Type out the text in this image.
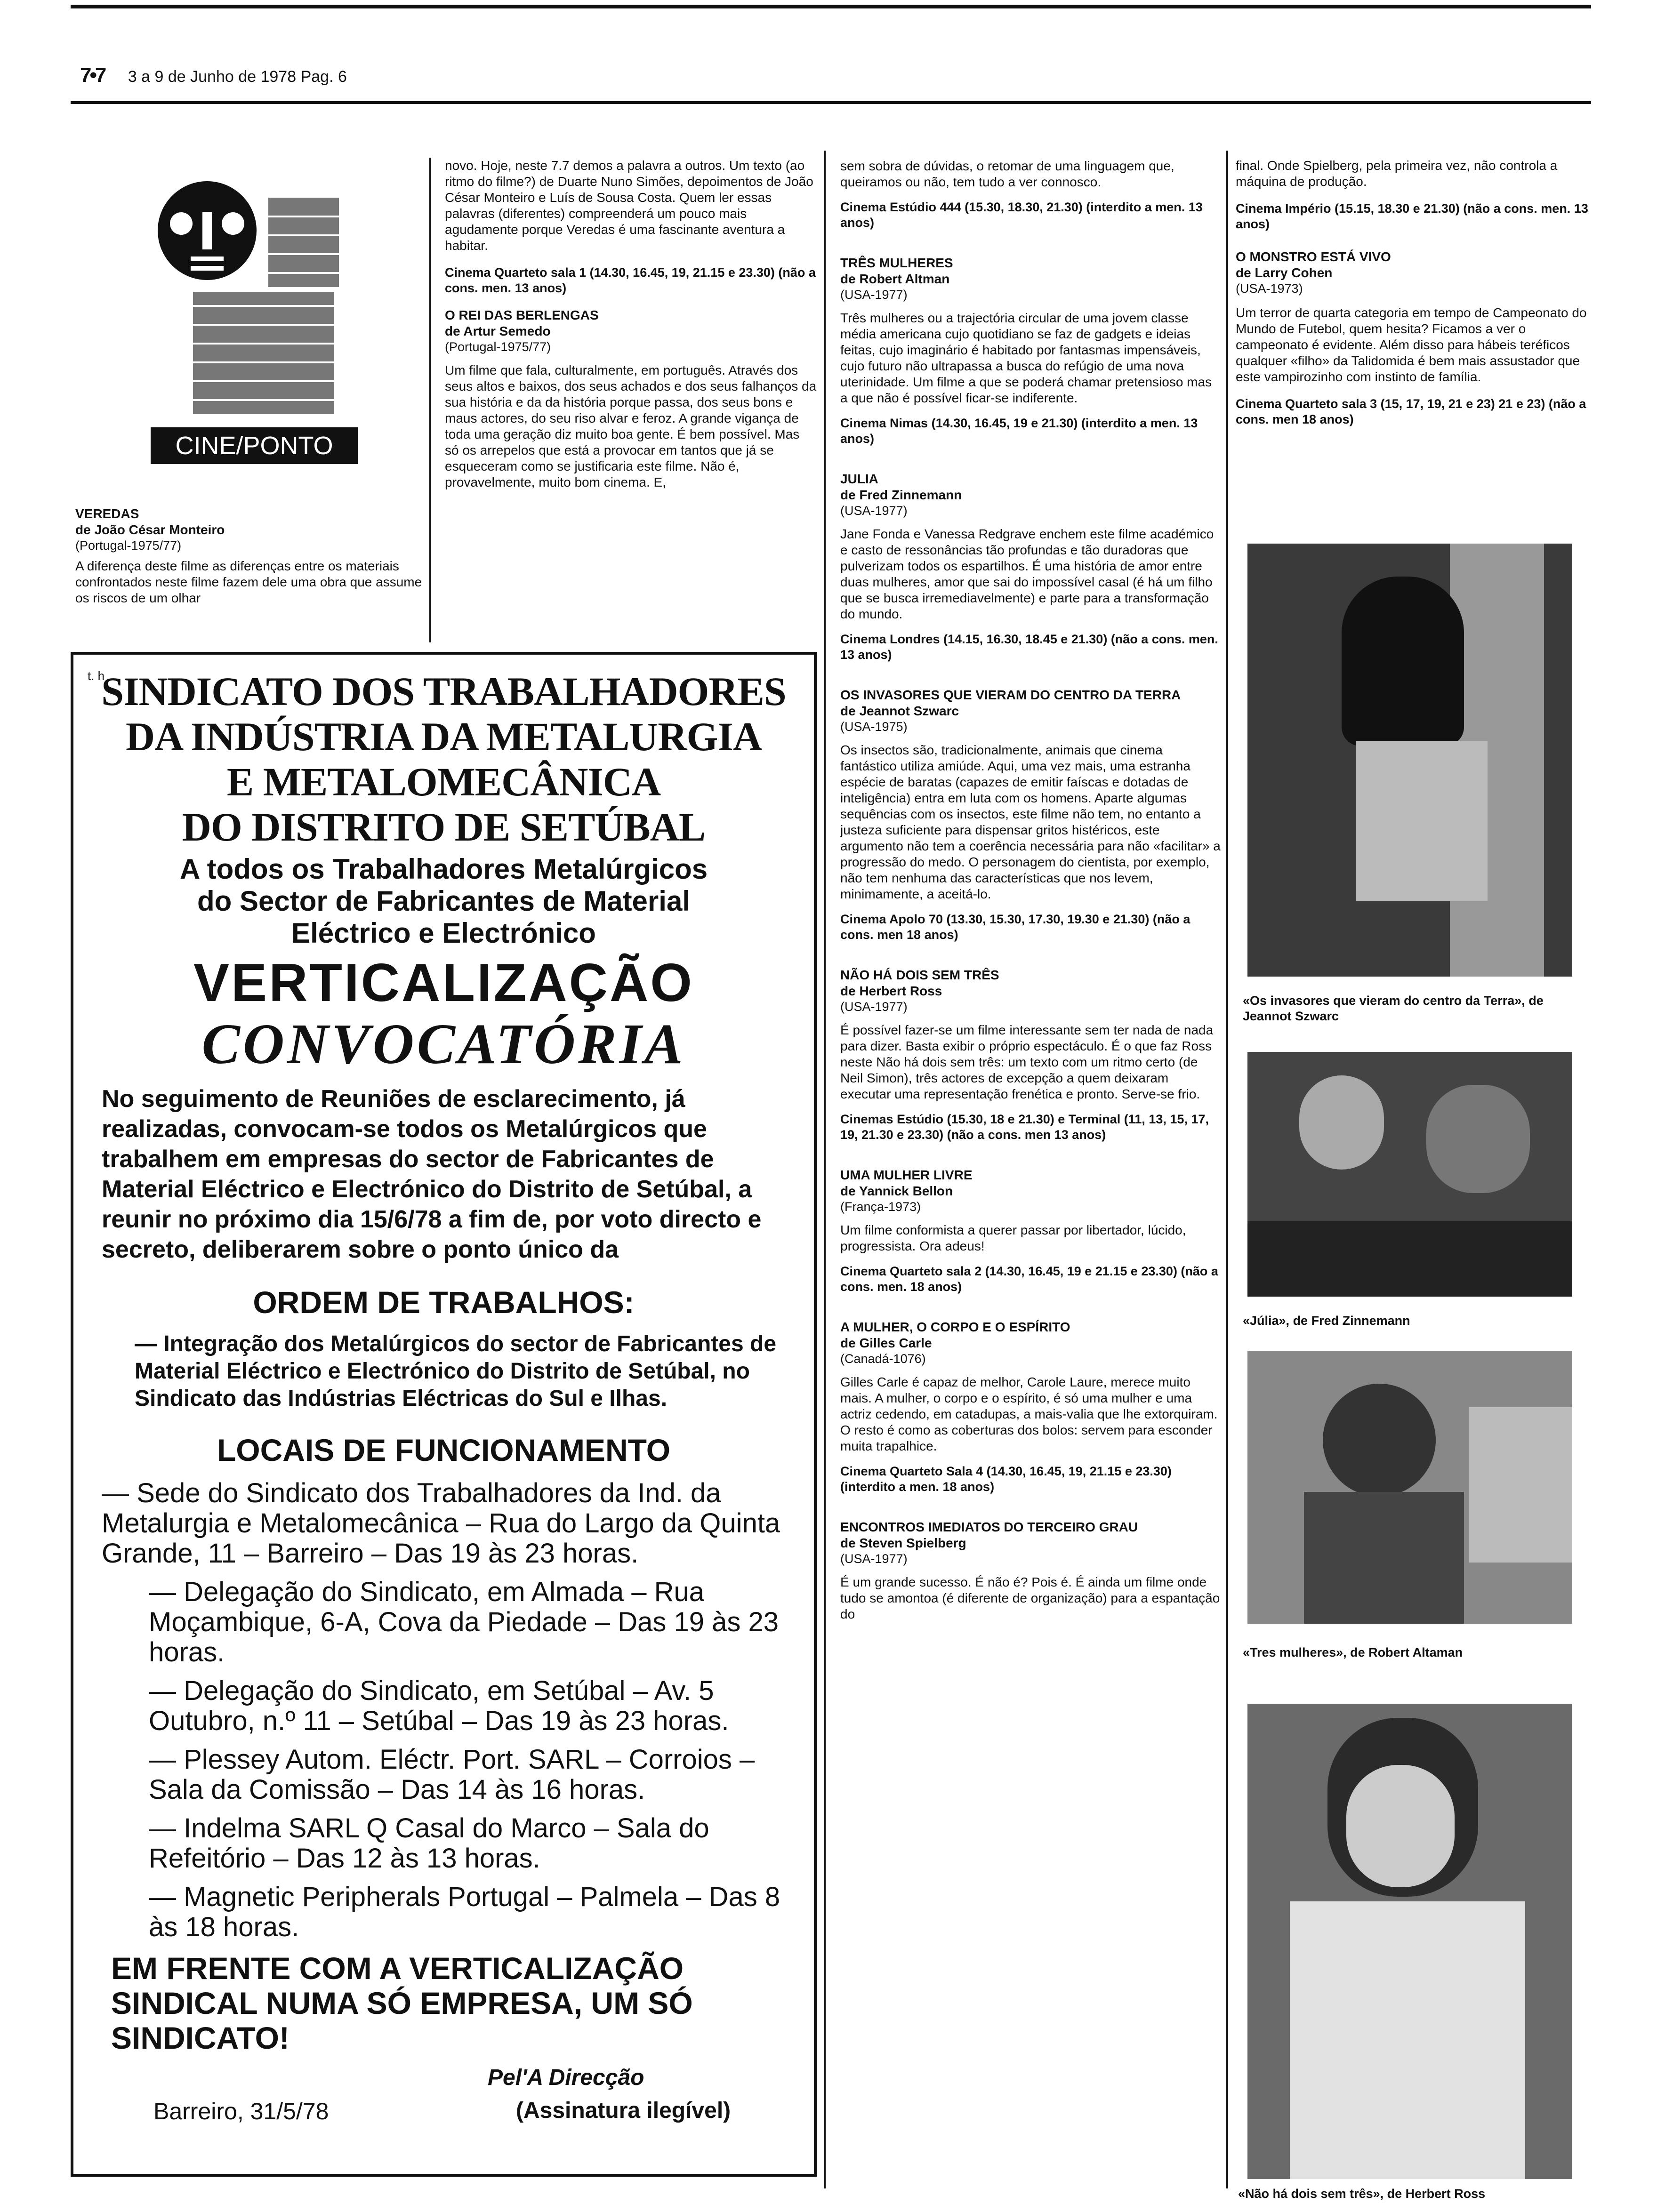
7•7 3 a 9 de Junho de 1978 Pag. 6
CINE/PONTO
VEREDAS
de João César Monteiro
(Portugal-1975/77)
A diferença deste filme as diferenças entre os materiais confrontados neste filme fazem dele uma obra que assume os riscos de um olhar
novo. Hoje, neste 7.7 demos a palavra a outros. Um texto (ao ritmo do filme?) de Duarte Nuno Simões, depoimentos de João César Monteiro e Luís de Sousa Costa. Quem ler essas palavras (diferentes) compreenderá um pouco mais agudamente porque Veredas é uma fascinante aventura a habitar.
Cinema Quarteto sala 1 (14.30, 16.45, 19, 21.15 e 23.30) (não a cons. men. 13 anos)
O REI DAS BERLENGAS
de Artur Semedo
(Portugal-1975/77)
Um filme que fala, culturalmente, em português. Através dos seus altos e baixos, dos seus achados e dos seus falhanços da sua história e da da história porque passa, dos seus bons e maus actores, do seu riso alvar e feroz. A grande vigança de toda uma geração diz muito boa gente. É bem possível. Mas só os arrepelos que está a provocar em tantos que já se esqueceram como se justificaria este filme. Não é, provavelmente, muito bom cinema. E,
t. h
SINDICATO DOS TRABALHADORES
DA INDÚSTRIA DA METALURGIA
E METALOMECÂNICA
DO DISTRITO DE SETÚBAL
A todos os Trabalhadores Metalúrgicos
do Sector de Fabricantes de Material
Eléctrico e Electrónico
VERTICALIZAÇÃO
CONVOCATÓRIA
No seguimento de Reuniões de esclarecimento, já realizadas, convocam-se todos os Metalúrgicos que trabalhem em empresas do sector de Fabricantes de Material Eléctrico e Electrónico do Distrito de Setúbal, a reunir no próximo dia 15/6/78 a fim de, por voto directo e secreto, deliberarem sobre o ponto único da
ORDEM DE TRABALHOS:
— Integração dos Metalúrgicos do sector de Fabricantes de Material Eléctrico e Electrónico do Distrito de Setúbal, no Sindicato das Indústrias Eléctricas do Sul e Ilhas.
LOCAIS DE FUNCIONAMENTO
— Sede do Sindicato dos Trabalhadores da Ind. da Metalurgia e Metalomecânica – Rua do Largo da Quinta Grande, 11 – Barreiro – Das 19 às 23 horas.
— Delegação do Sindicato, em Almada – Rua Moçambique, 6-A, Cova da Piedade – Das 19 às 23 horas.
— Delegação do Sindicato, em Setúbal – Av. 5 Outubro, n.º 11 – Setúbal – Das 19 às 23 horas.
— Plessey Autom. Eléctr. Port. SARL – Corroios – Sala da Comissão – Das 14 às 16 horas.
— Indelma SARL Q Casal do Marco – Sala do Refeitório – Das 12 às 13 horas.
— Magnetic Peripherals Portugal – Palmela – Das 8 às 18 horas.
EM FRENTE COM A VERTICALIZAÇÃO SINDICAL NUMA SÓ EMPRESA, UM SÓ SINDICATO!
Barreiro, 31/5/78
Pel'A Direcção
(Assinatura ilegível)
sem sobra de dúvidas, o retomar de uma linguagem que, queiramos ou não, tem tudo a ver connosco.
Cinema Estúdio 444 (15.30, 18.30, 21.30) (interdito a men. 13 anos)
TRÊS MULHERES
de Robert Altman
(USA-1977)
Três mulheres ou a trajectória circular de uma jovem classe média americana cujo quotidiano se faz de gadgets e ideias feitas, cujo imaginário é habitado por fantasmas impensáveis, cujo futuro não ultrapassa a busca do refúgio de uma nova uterinidade. Um filme a que se poderá chamar pretensioso mas a que não é possível ficar-se indiferente.
Cinema Nimas (14.30, 16.45, 19 e 21.30) (interdito a men. 13 anos)
JULIA
de Fred Zinnemann
(USA-1977)
Jane Fonda e Vanessa Redgrave enchem este filme académico e casto de ressonâncias tão profundas e tão duradoras que pulverizam todos os espartilhos. É uma história de amor entre duas mulheres, amor que sai do impossível casal (é há um filho que se busca irremediavelmente) e parte para a transformação do mundo.
Cinema Londres (14.15, 16.30, 18.45 e 21.30) (não a cons. men. 13 anos)
OS INVASORES QUE VIERAM DO CENTRO DA TERRA
de Jeannot Szwarc
(USA-1975)
Os insectos são, tradicionalmente, animais que cinema fantástico utiliza amiúde. Aqui, uma vez mais, uma estranha espécie de baratas (capazes de emitir faíscas e dotadas de inteligência) entra em luta com os homens. Aparte algumas sequências com os insectos, este filme não tem, no entanto a justeza suficiente para dispensar gritos histéricos, este argumento não tem a coerência necessária para não «facilitar» a progressão do medo. O personagem do cientista, por exemplo, não tem nenhuma das características que nos levem, minimamente, a aceitá-lo.
Cinema Apolo 70 (13.30, 15.30, 17.30, 19.30 e 21.30) (não a cons. men 18 anos)
NÃO HÁ DOIS SEM TRÊS
de Herbert Ross
(USA-1977)
É possível fazer-se um filme interessante sem ter nada de nada para dizer. Basta exibir o próprio espectáculo. É o que faz Ross neste Não há dois sem três: um texto com um ritmo certo (de Neil Simon), três actores de excepção a quem deixaram executar uma representação frenética e pronto. Serve-se frio.
Cinemas Estúdio (15.30, 18 e 21.30) e Terminal (11, 13, 15, 17, 19, 21.30 e 23.30) (não a cons. men 13 anos)
UMA MULHER LIVRE
de Yannick Bellon
(França-1973)
Um filme conformista a querer passar por libertador, lúcido, progressista. Ora adeus!
Cinema Quarteto sala 2 (14.30, 16.45, 19 e 21.15 e 23.30) (não a cons. men. 18 anos)
A MULHER, O CORPO E O ESPÍRITO
de Gilles Carle
(Canadá-1076)
Gilles Carle é capaz de melhor, Carole Laure, merece muito mais. A mulher, o corpo e o espírito, é só uma mulher e uma actriz cedendo, em catadupas, a mais-valia que lhe extorquiram. O resto é como as coberturas dos bolos: servem para esconder muita trapalhice.
Cinema Quarteto Sala 4 (14.30, 16.45, 19, 21.15 e 23.30) (interdito a men. 18 anos)
ENCONTROS IMEDIATOS DO TERCEIRO GRAU
de Steven Spielberg
(USA-1977)
É um grande sucesso. É não é? Pois é. É ainda um filme onde tudo se amontoa (é diferente de organização) para a espantação do
final. Onde Spielberg, pela primeira vez, não controla a máquina de produção.
Cinema Império (15.15, 18.30 e 21.30) (não a cons. men. 13 anos)
O MONSTRO ESTÁ VIVO
de Larry Cohen
(USA-1973)
Um terror de quarta categoria em tempo de Campeonato do Mundo de Futebol, quem hesita? Ficamos a ver o campeonato é evidente. Além disso para hábeis teréficos qualquer «filho» da Talidomida é bem mais assustador que este vampirozinho com instinto de família.
Cinema Quarteto sala 3 (15, 17, 19, 21 e 23) 21 e 23) (não a cons. men 18 anos)
«Os invasores que vieram do centro da Terra», de Jeannot Szwarc
«Júlia», de Fred Zinnemann
«Tres mulheres», de Robert Altaman
«Não há dois sem três», de Herbert Ross
